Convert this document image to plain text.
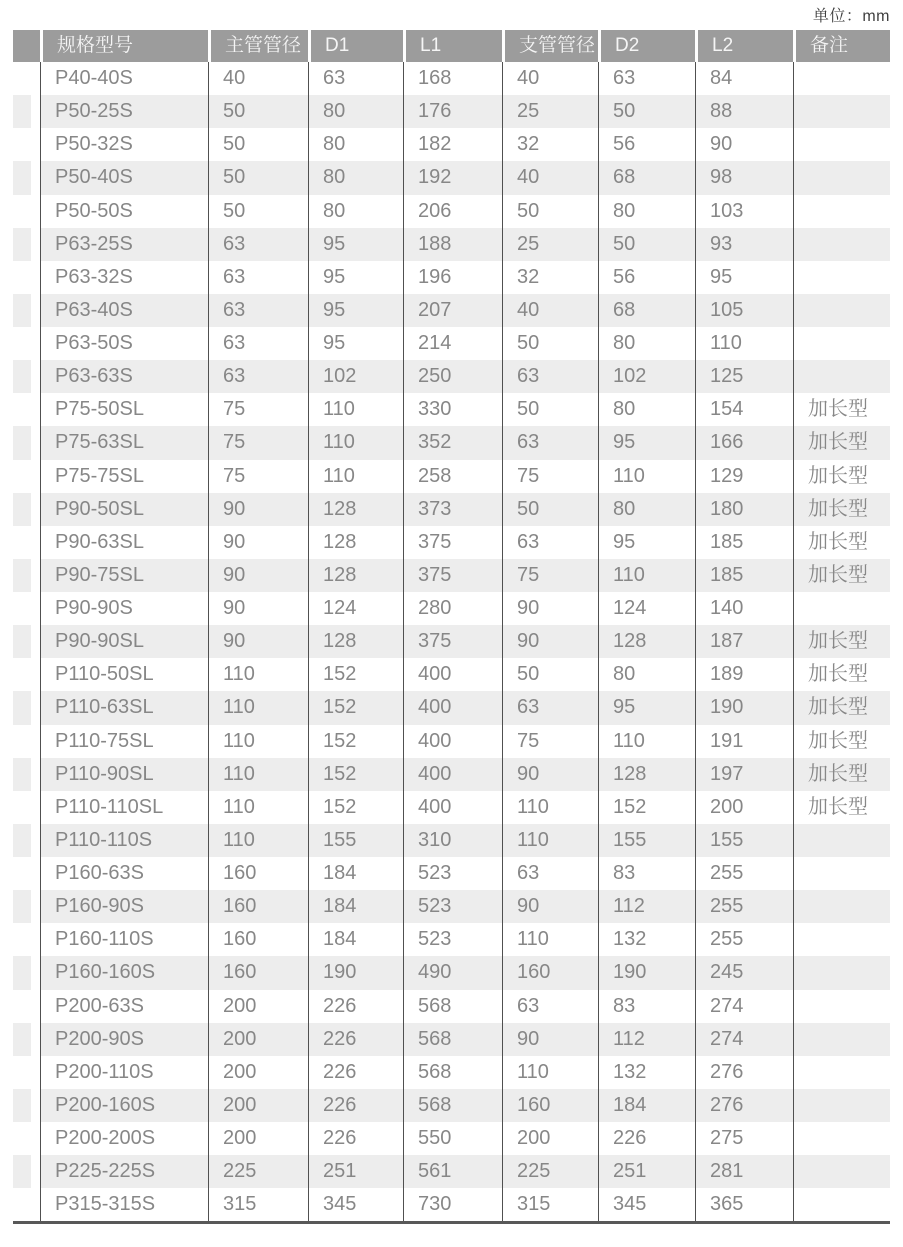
单位：mm
规格型号	主管管径	D1	L1	支管管径	D2	L2	备注
P40-40S	40	63	168	40	63	84
P50-25S	50	80	176	25	50	88
P50-32S	50	80	182	32	56	90
P50-40S	50	80	192	40	68	98
P50-50S	50	80	206	50	80	103
P63-25S	63	95	188	25	50	93
P63-32S	63	95	196	32	56	95
P63-40S	63	95	207	40	68	105
P63-50S	63	95	214	50	80	110
P63-63S	63	102	250	63	102	125
P75-50SL	75	110	330	50	80	154	加长型
P75-63SL	75	110	352	63	95	166	加长型
P75-75SL	75	110	258	75	110	129	加长型
P90-50SL	90	128	373	50	80	180	加长型
P90-63SL	90	128	375	63	95	185	加长型
P90-75SL	90	128	375	75	110	185	加长型
P90-90S	90	124	280	90	124	140
P90-90SL	90	128	375	90	128	187	加长型
P110-50SL	110	152	400	50	80	189	加长型
P110-63SL	110	152	400	63	95	190	加长型
P110-75SL	110	152	400	75	110	191	加长型
P110-90SL	110	152	400	90	128	197	加长型
P110-110SL	110	152	400	110	152	200	加长型
P110-110S	110	155	310	110	155	155
P160-63S	160	184	523	63	83	255
P160-90S	160	184	523	90	112	255
P160-110S	160	184	523	110	132	255
P160-160S	160	190	490	160	190	245
P200-63S	200	226	568	63	83	274
P200-90S	200	226	568	90	112	274
P200-110S	200	226	568	110	132	276
P200-160S	200	226	568	160	184	276
P200-200S	200	226	550	200	226	275
P225-225S	225	251	561	225	251	281
P315-315S	315	345	730	315	345	365
